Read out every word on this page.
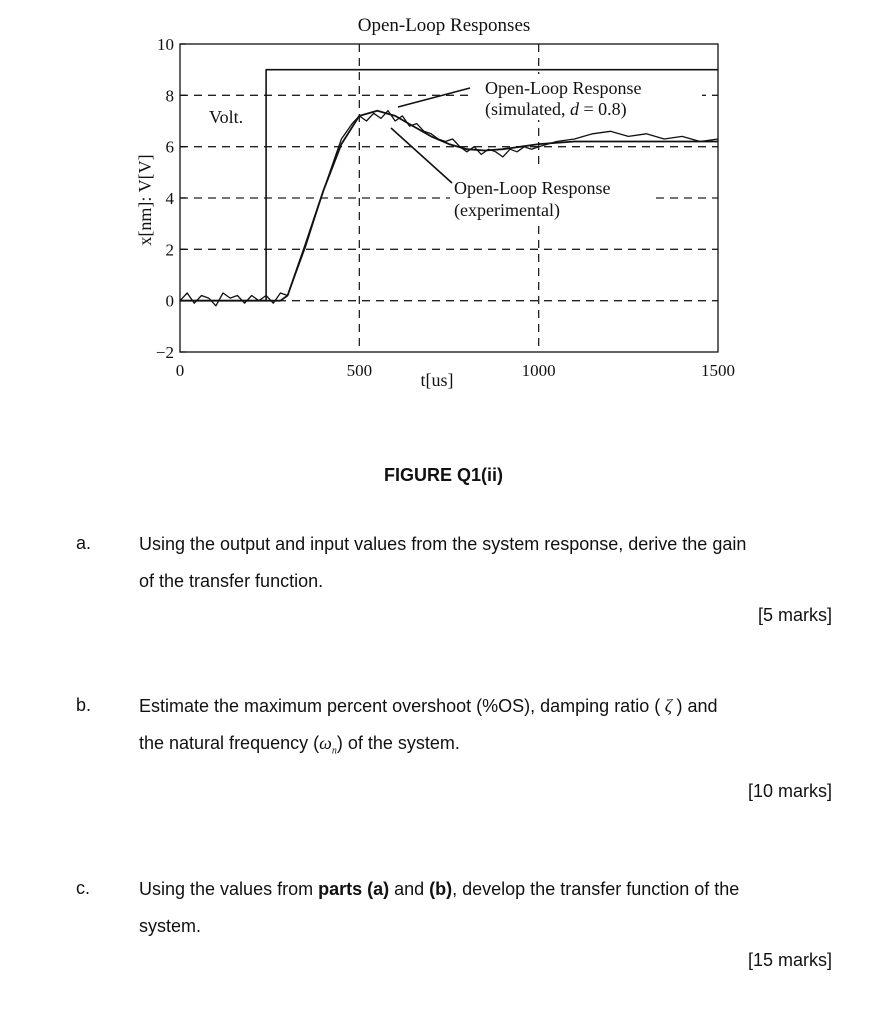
10
8
6
4
2
0
−2
0	500	1000	1500
Open-Loop Responses
t[us]
x[nm]: V[V]
Volt.
Open-Loop Response
(simulated, d = 0.8)
Open-Loop Response
(experimental)
FIGURE Q1(ii)
a.	Using the output and input values from the system response, derive the gain
of the transfer function.
[5 marks]
b.	Estimate the maximum percent overshoot (%OS), damping ratio ( ζ ) and
the natural frequency $(\omega_n)$ of the system.
[10 marks]
c.	Using the values from parts (a) and (b), develop the transfer function of the
system.
[15 marks]
